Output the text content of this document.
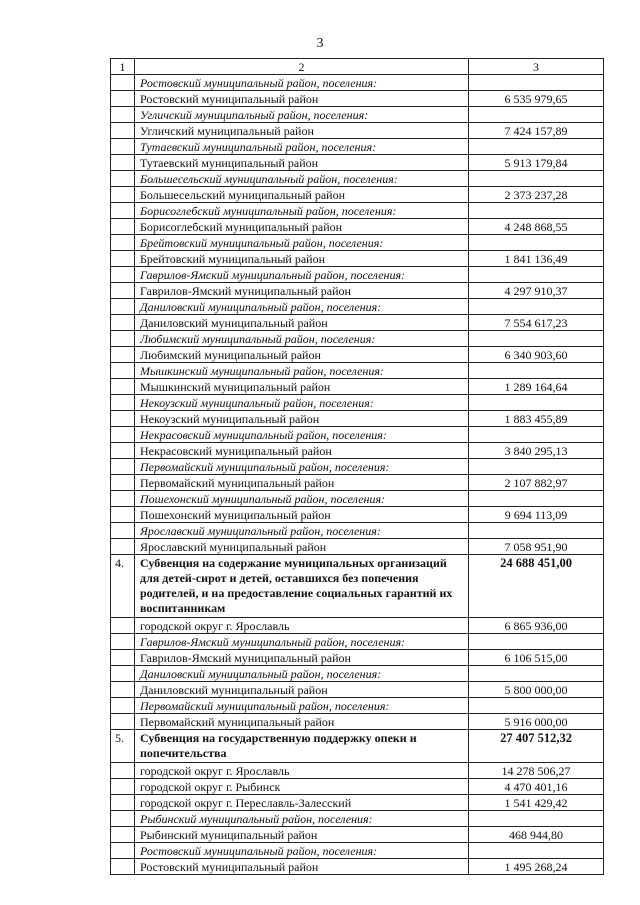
3
1	2	3
	Ростовский муниципальный район, поселения:	
	Ростовский муниципальный район	6 535 979,65
	Угличский муниципальный район, поселения:	
	Угличский муниципальный район	7 424 157,89
	Тутаевский муниципальный район, поселения:	
	Тутаевский муниципальный район	5 913 179,84
	Большесельский муниципальный район, поселения:	
	Большесельский муниципальный район	2 373 237,28
	Борисоглебский муниципальный район, поселения:	
	Борисоглебский муниципальный район	4 248 868,55
	Брейтовский муниципальный район, поселения:	
	Брейтовский муниципальный район	1 841 136,49
	Гаврилов-Ямский муниципальный район, поселения:	
	Гаврилов-Ямский муниципальный район	4 297 910,37
	Даниловский муниципальный район, поселения:	
	Даниловский муниципальный район	7 554 617,23
	Любимский муниципальный район, поселения:	
	Любимский муниципальный район	6 340 903,60
	Мышкинский муниципальный район, поселения:	
	Мышкинский муниципальный район	1 289 164,64
	Некоузский муниципальный район, поселения:	
	Некоузский муниципальный район	1 883 455,89
	Некрасовский муниципальный район, поселения:	
	Некрасовский муниципальный район	3 840 295,13
	Первомайский муниципальный район, поселения:	
	Первомайский муниципальный район	2 107 882,97
	Пошехонский муниципальный район, поселения:	
	Пошехонский муниципальный район	9 694 113,09
	Ярославский муниципальный район, поселения:	
	Ярославский муниципальный район	7 058 951,90
4.	Субвенция на содержание муниципальных организаций для детей-сирот и детей, оставшихся без попечения родителей, и на предоставление социальных гарантий их воспитанникам	24 688 451,00
	городской округ г. Ярославль	6 865 936,00
	Гаврилов-Ямский муниципальный район, поселения:	
	Гаврилов-Ямский муниципальный район	6 106 515,00
	Даниловский муниципальный район, поселения:	
	Даниловский муниципальный район	5 800 000,00
	Первомайский муниципальный район, поселения:	
	Первомайский муниципальный район	5 916 000,00
5.	Субвенция на государственную поддержку опеки и попечительства	27 407 512,32
	городской округ г. Ярославль	14 278 506,27
	городской округ г. Рыбинск	4 470 401,16
	городской округ г. Переславль-Залесский	1 541 429,42
	Рыбинский муниципальный район, поселения:	
	Рыбинский муниципальный район	468 944,80
	Ростовский муниципальный район, поселения:	
	Ростовский муниципальный район	1 495 268,24
